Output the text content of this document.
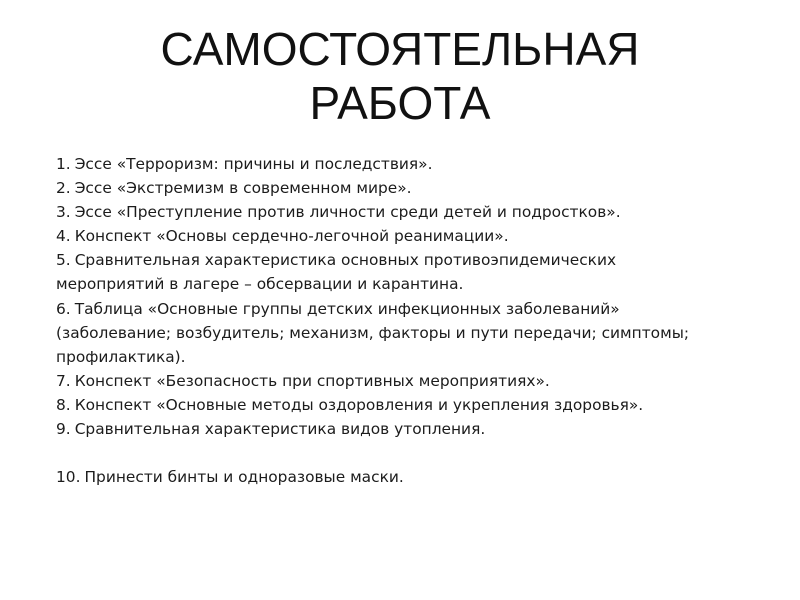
САМОСТОЯТЕЛЬНАЯ
РАБОТА

1. Эссе «Терроризм: причины и последствия».

2. Эссе «Экстремизм в современном мире».

3. Эссе «Преступление против личности среди детей и подростков».

4. Конспект «Основы сердечно-легочной реанимации».

5. Сравнительная характеристика основных противоэпидемических
мероприятий в лагере – обсервации и карантина.

6. Таблица «Основные группы детских инфекционных заболеваний»
(заболевание; возбудитель; механизм, факторы и пути передачи; симптомы;
профилактика).

7. Конспект «Безопасность при спортивных мероприятиях».

8. Конспект «Основные методы оздоровления и укрепления здоровья».

9. Сравнительная характеристика видов утопления.

10. Принести бинты и одноразовые маски.
